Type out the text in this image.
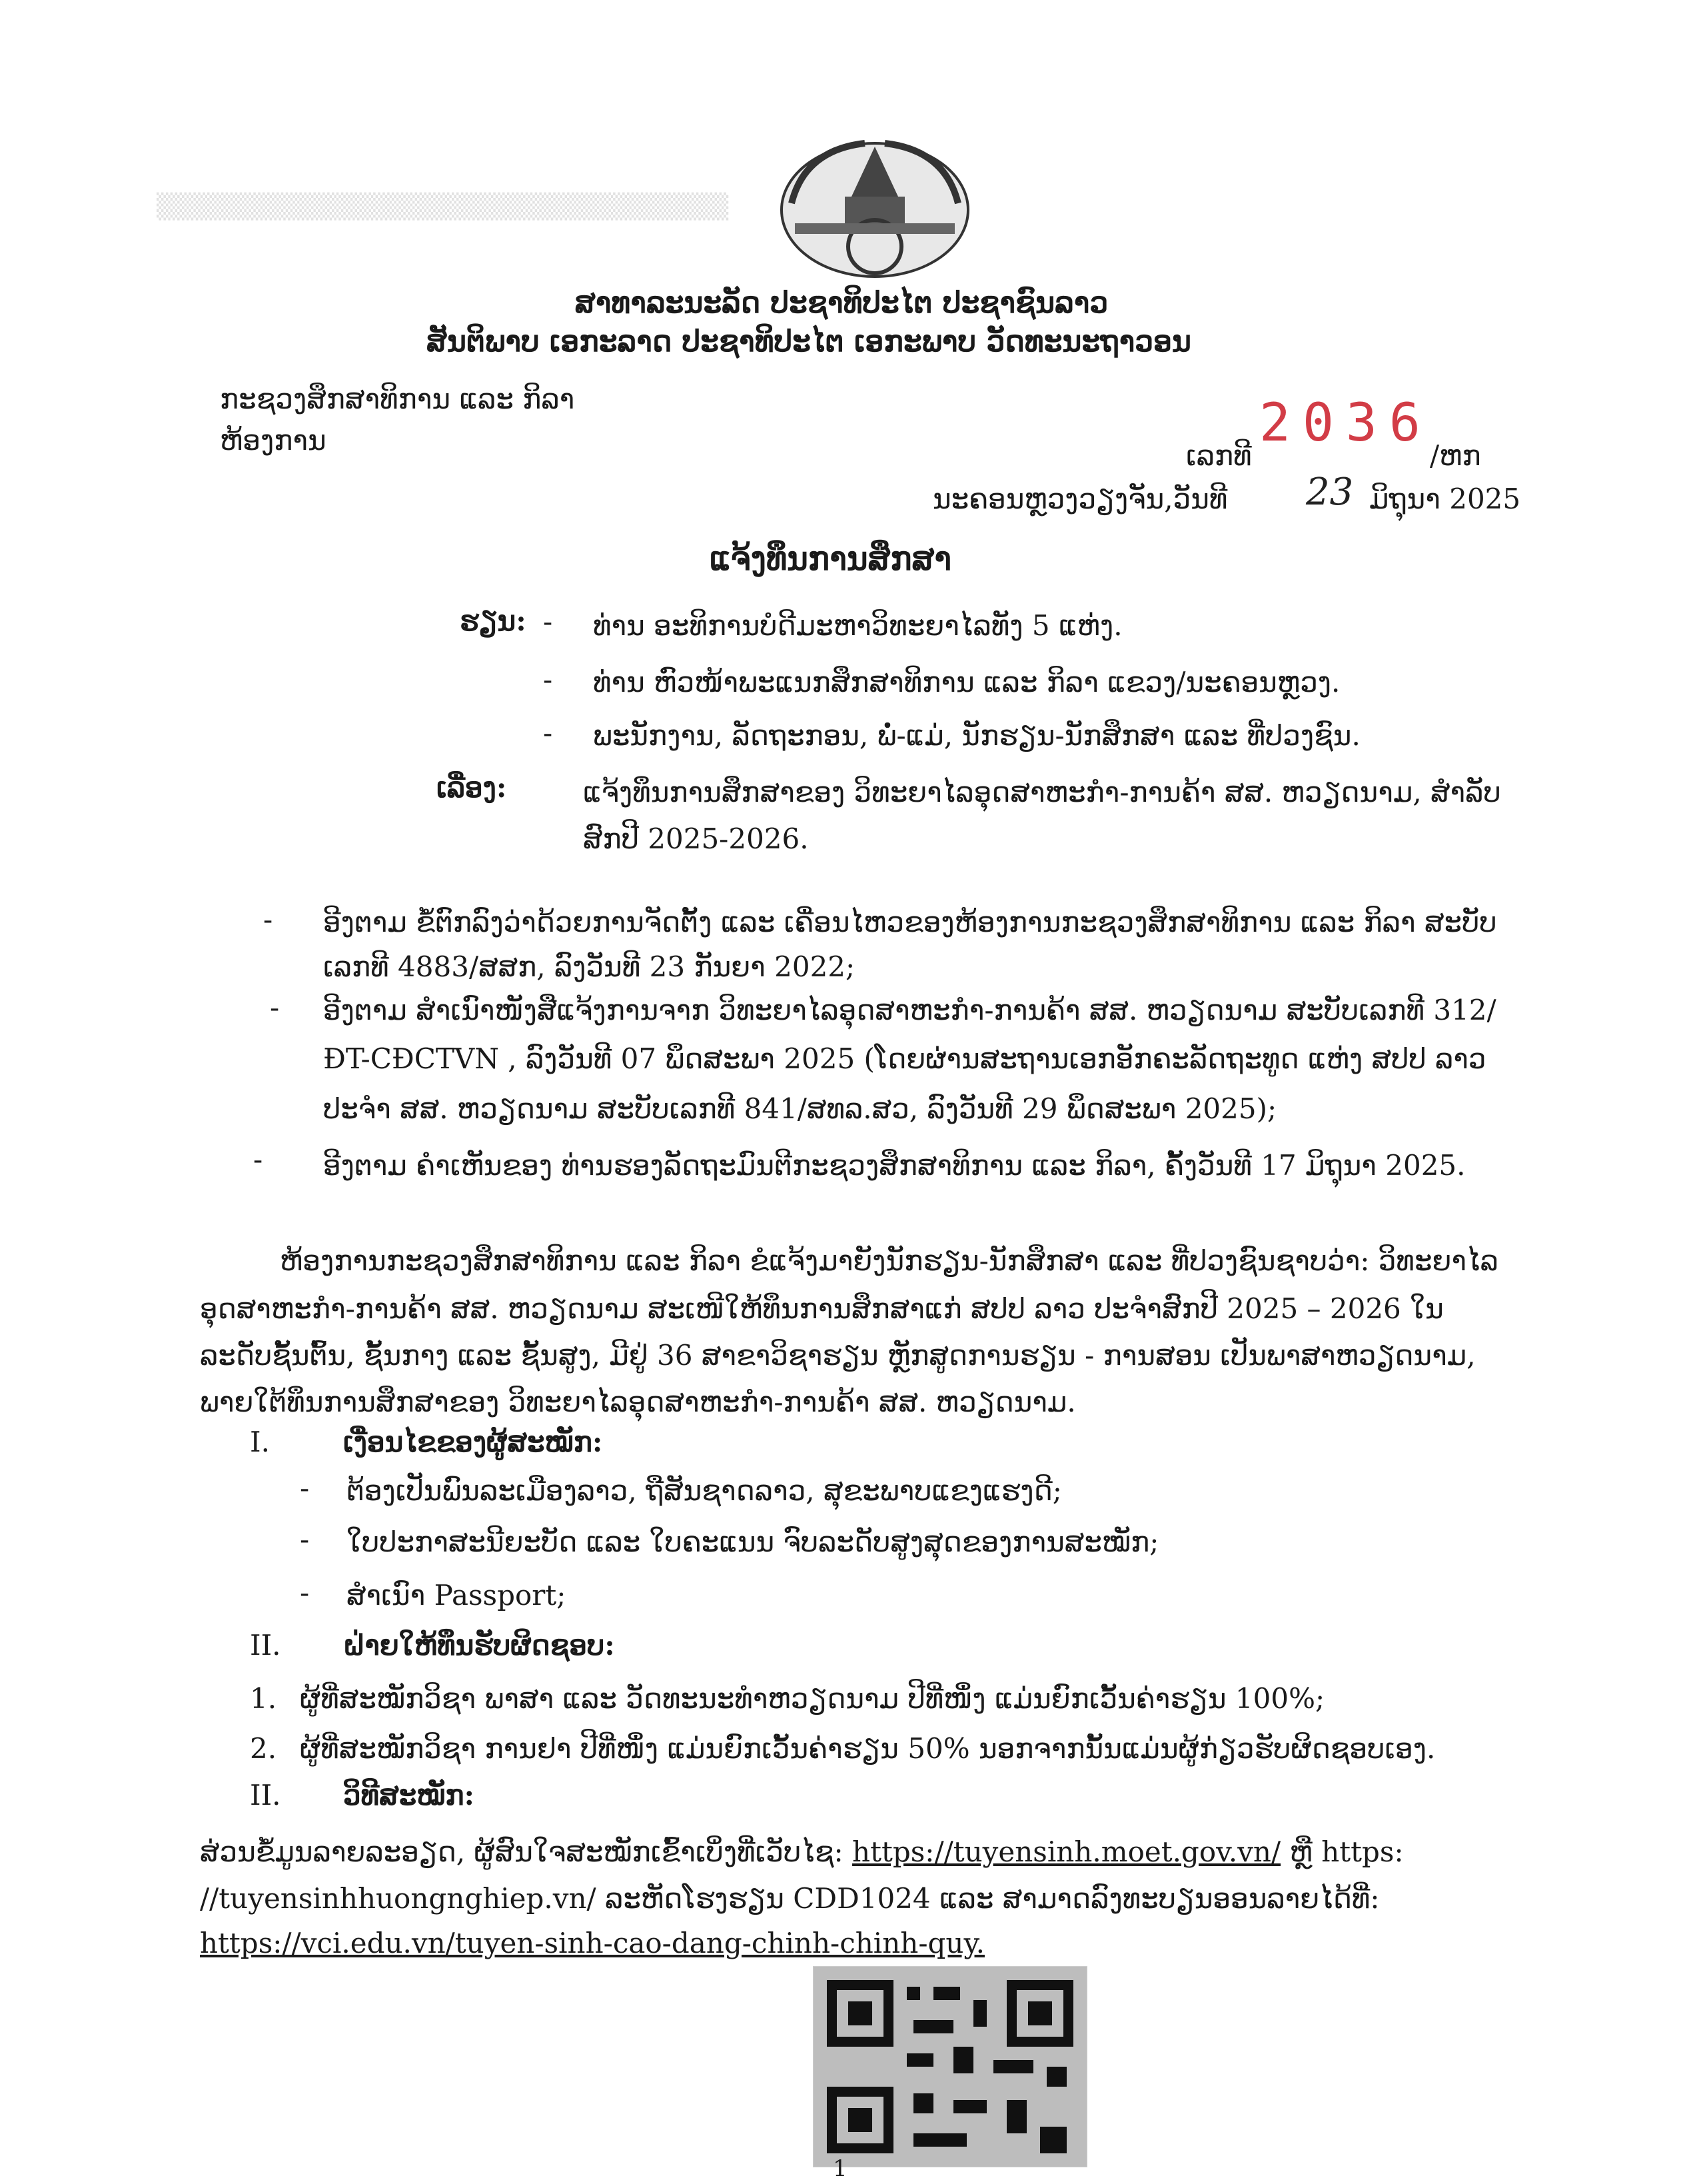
▒▒▒▒▒▒▒▒▒▒▒▒▒▒▒▒▒▒▒▒▒▒▒▒▒▒▒▒▒▒▒
ສາທາລະນະລັດ ປະຊາທິປະໄຕ ປະຊາຊົນລາວ
ສັນຕິພາບ ເອກະລາດ ປະຊາທິປະໄຕ ເອກະພາບ ວັດທະນະຖາວອນ
ກະຊວງສຶກສາທິການ ແລະ ກິລາ
ຫ້ອງການ	2036
ເລກທີ	/ຫກ
ນະຄອນຫຼວງວຽງຈັນ,ວັນທີ 23 ມິຖຸນາ 2025
ແຈ້ງທຶນການສຶກສາ
ຮຽນ: - ທ່ານ ອະທິການບໍດີມະຫາວິທະຍາໄລທັງ 5 ແຫ່ງ.
- ທ່ານ ຫົວໜ້າພະແນກສຶກສາທິການ ແລະ ກິລາ ແຂວງ/ນະຄອນຫຼວງ.
- ພະນັກງານ, ລັດຖະກອນ, ພໍ່-ແມ່, ນັກຮຽນ-ນັກສຶກສາ ແລະ ທີ່ປວງຊົນ.
ເລື່ອງ:	ແຈ້ງທຶນການສຶກສາຂອງ ວິທະຍາໄລອຸດສາຫະກຳ-ການຄ້າ ສສ. ຫວຽດນາມ, ສຳລັບ
ສົກປີ 2025-2026.
- ອີງຕາມ ຂໍ້ຕົກລົງວ່າດ້ວຍການຈັດຕັ້ງ ແລະ ເຄື່ອນໄຫວຂອງຫ້ອງການກະຊວງສຶກສາທິການ ແລະ ກິລາ ສະບັບ
ເລກທີ 4883/ສສກ, ລົງວັນທີ 23 ກັນຍາ 2022;
- ອີງຕາມ ສຳເນົາໜັງສືແຈ້ງການຈາກ ວິທະຍາໄລອຸດສາຫະກຳ-ການຄ້າ ສສ. ຫວຽດນາມ ສະບັບເລກທີ 312/
ĐT-CĐCTVN , ລົງວັນທີ 07 ພຶດສະພາ 2025 (ໂດຍຜ່ານສະຖານເອກອັກຄະລັດຖະທູດ ແຫ່ງ ສປປ ລາວ
ປະຈຳ ສສ. ຫວຽດນາມ ສະບັບເລກທີ 841/ສທລ.ສວ, ລົງວັນທີ 29 ພຶດສະພາ 2025);
- ອີງຕາມ ຄຳເຫັນຂອງ ທ່ານຮອງລັດຖະມົນຕີກະຊວງສຶກສາທິການ ແລະ ກິລາ, ຄັ້ງວັນທີ 17 ມິຖຸນາ 2025.
ຫ້ອງການກະຊວງສຶກສາທິການ ແລະ ກິລາ ຂໍແຈ້ງມາຍັງນັກຮຽນ-ນັກສຶກສາ ແລະ ທີ່ປວງຊົນຊາບວ່າ: ວິທະຍາໄລ
ອຸດສາຫະກຳ-ການຄ້າ ສສ. ຫວຽດນາມ ສະເໜີໃຫ້ທຶນການສຶກສາແກ່ ສປປ ລາວ ປະຈຳສົກປີ 2025 – 2026 ໃນ
ລະດັບຊັ້ນຕົ້ນ, ຊັ້ນກາງ ແລະ ຊັ້ນສູງ, ມີຢູ່ 36 ສາຂາວິຊາຮຽນ ຫຼັກສູດການຮຽນ - ການສອນ ເປັນພາສາຫວຽດນາມ,
ພາຍໃຕ້ທຶນການສຶກສາຂອງ ວິທະຍາໄລອຸດສາຫະກຳ-ການຄ້າ ສສ. ຫວຽດນາມ.
I.	ເງື່ອນໄຂຂອງຜູ້ສະໝັກ:
- ຕ້ອງເປັນພົນລະເມືອງລາວ, ຖືສັນຊາດລາວ, ສຸຂະພາບແຂງແຮງດີ;
- ໃບປະກາສະນີຍະບັດ ແລະ ໃບຄະແນນ ຈົບລະດັບສູງສຸດຂອງການສະໝັກ;
- ສຳເນົາ Passport;
II. ຝ່າຍໃຫ້ທຶນຮັບຜິດຊອບ:
1. ຜູ້ທີ່ສະໝັກວິຊາ ພາສາ ແລະ ວັດທະນະທຳຫວຽດນາມ ປີທີ່ໜຶ່ງ ແມ່ນຍົກເວັ້ນຄ່າຮຽນ 100%;
2. ຜູ້ທີ່ສະໝັກວິຊາ ການຢາ ປີທີ່ໜຶ່ງ ແມ່ນຍົກເວັ້ນຄ່າຮຽນ 50% ນອກຈາກນັ້ນແມ່ນຜູ້ກ່ຽວຮັບຜິດຊອບເອງ.
II. ວິທີສະໝັກ:
ສ່ວນຂໍ້ມູນລາຍລະອຽດ, ຜູ້ສົນໃຈສະໝັກເຂົ້າເບິ່ງທີ່ເວັບໄຊ: https://tuyensinh.moet.gov.vn/ ຫຼື https:
//tuyensinhhuongnghiep.vn/ ລະຫັດໂຮງຮຽນ CDD1024 ແລະ ສາມາດລົງທະບຽນອອນລາຍໄດ້ທີ່:
https://vci.edu.vn/tuyen-sinh-cao-dang-chinh-chinh-quy.
1
